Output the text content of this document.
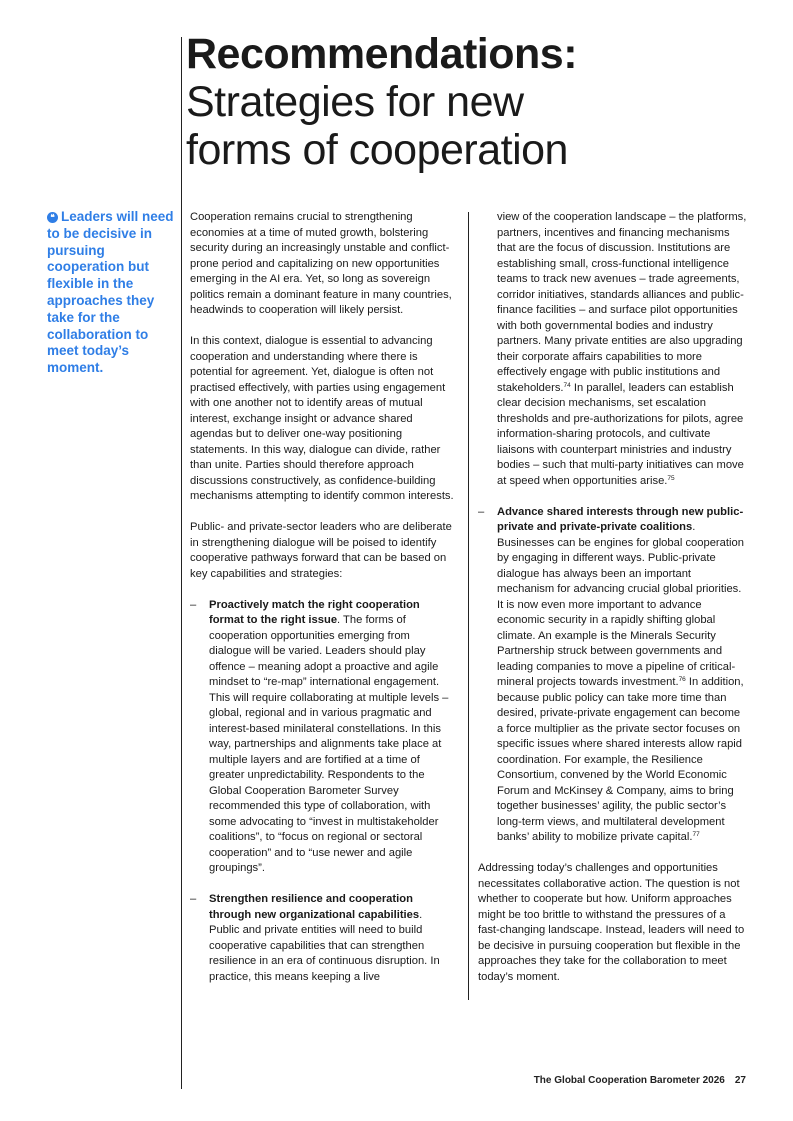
Recommendations:
Strategies for new
forms of cooperation
❝ Leaders will need to be decisive in pursuing cooperation but flexible in the approaches they take for the collaboration to meet today’s moment.

Cooperation remains crucial to strengthening economies at a time of muted growth, bolstering security during an increasingly unstable and conflict-prone period and capitalizing on new opportunities emerging in the AI era. Yet, so long as sovereign politics remain a dominant feature in many countries, headwinds to cooperation will likely persist.

In this context, dialogue is essential to advancing cooperation and understanding where there is potential for agreement. Yet, dialogue is often not practised effectively, with parties using engagement with one another not to identify areas of mutual interest, exchange insight or advance shared agendas but to deliver one-way positioning statements. In this way, dialogue can divide, rather than unite. Parties should therefore approach discussions constructively, as confidence-building mechanisms attempting to identify common interests.

Public- and private-sector leaders who are deliberate in strengthening dialogue will be poised to identify cooperative pathways forward that can be based on key capabilities and strategies:

– Proactively match the right cooperation format to the right issue. The forms of cooperation opportunities emerging from dialogue will be varied. Leaders should play offence – meaning adopt a proactive and agile mindset to “re-map” international engagement. This will require collaborating at multiple levels – global, regional and in various pragmatic and interest-based minilateral constellations. In this way, partnerships and alignments take place at multiple layers and are fortified at a time of greater unpredictability. Respondents to the Global Cooperation Barometer Survey recommended this type of collaboration, with some advocating to “invest in multistakeholder coalitions”, to “focus on regional or sectoral cooperation” and to “use newer and agile groupings”.
– Strengthen resilience and cooperation through new organizational capabilities. Public and private entities will need to build cooperative capabilities that can strengthen resilience in an era of continuous disruption. In practice, this means keeping a live
view of the cooperation landscape – the platforms, partners, incentives and financing mechanisms that are the focus of discussion. Institutions are establishing small, cross-functional intelligence teams to track new avenues – trade agreements, corridor initiatives, standards alliances and public-finance facilities – and surface pilot opportunities with both governmental bodies and industry partners. Many private entities are also upgrading their corporate affairs capabilities to more effectively engage with public institutions and stakeholders.$^{74}$ In parallel, leaders can establish clear decision mechanisms, set escalation thresholds and pre-authorizations for pilots, agree information-sharing protocols, and cultivate liaisons with counterpart ministries and industry bodies – such that multi-party initiatives can move at speed when opportunities arise.$^{75}$
– Advance shared interests through new public-private and private-private coalitions. Businesses can be engines for global cooperation by engaging in different ways. Public-private dialogue has always been an important mechanism for advancing crucial global priorities. It is now even more important to advance economic security in a rapidly shifting global climate. An example is the Minerals Security Partnership struck between governments and leading companies to move a pipeline of critical-mineral projects towards investment.$^{76}$ In addition, because public policy can take more time than desired, private-private engagement can become a force multiplier as the private sector focuses on specific issues where shared interests allow rapid coordination. For example, the Resilience Consortium, convened by the World Economic Forum and McKinsey & Company, aims to bring together businesses’ agility, the public sector’s long-term views, and multilateral development banks’ ability to mobilize private capital.$^{77}$

Addressing today’s challenges and opportunities necessitates collaborative action. The question is not whether to cooperate but how. Uniform approaches might be too brittle to withstand the pressures of a fast-changing landscape. Instead, leaders will need to be decisive in pursuing cooperation but flexible in the approaches they take for the collaboration to meet today’s moment.

The Global Cooperation Barometer 2026 27
